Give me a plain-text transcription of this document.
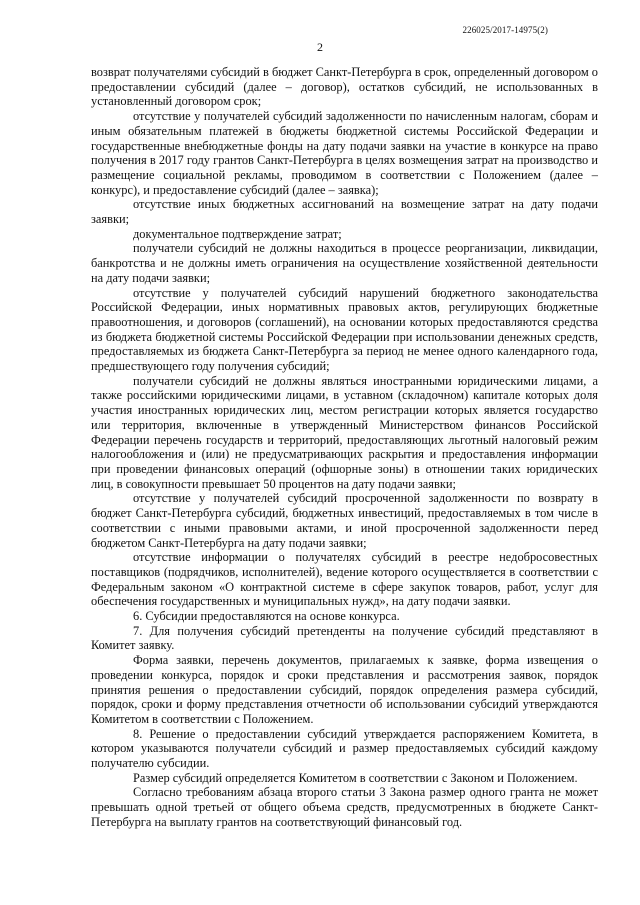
226025/2017-14975(2)
2

возврат получателями субсидий в бюджет Санкт-Петербурга в срок, определенный договором о предоставлении субсидий (далее – договор), остатков субсидий, не использованных в установленный договором срок;

отсутствие у получателей субсидий задолженности по начисленным налогам, сборам и иным обязательным платежей в бюджеты бюджетной системы Российской Федерации и государственные внебюджетные фонды на дату подачи заявки на участие в конкурсе на право получения в 2017 году грантов Санкт-Петербурга в целях возмещения затрат на производство и размещение социальной рекламы, проводимом в соответствии с Положением (далее – конкурс), и предоставление субсидий (далее – заявка);

отсутствие иных бюджетных ассигнований на возмещение затрат на дату подачи заявки;

документальное подтверждение затрат;

получатели субсидий не должны находиться в процессе реорганизации, ликвидации, банкротства и не должны иметь ограничения на осуществление хозяйственной деятельности на дату подачи заявки;

отсутствие у получателей субсидий нарушений бюджетного законодательства Российской Федерации, иных нормативных правовых актов, регулирующих бюджетные правоотношения, и договоров (соглашений), на основании которых предоставляются средства из бюджета бюджетной системы Российской Федерации при использовании денежных средств, предоставляемых из бюджета Санкт-Петербурга за период не менее одного календарного года, предшествующего году получения субсидий;

получатели субсидий не должны являться иностранными юридическими лицами, а также российскими юридическими лицами, в уставном (складочном) капитале которых доля участия иностранных юридических лиц, местом регистрации которых является государство или территория, включенные в утвержденный Министерством финансов Российской Федерации перечень государств и территорий, предоставляющих льготный налоговый режим налогообложения и (или) не предусматривающих раскрытия и предоставления информации при проведении финансовых операций (офшорные зоны) в отношении таких юридических лиц, в совокупности превышает 50 процентов на дату подачи заявки;

отсутствие у получателей субсидий просроченной задолженности по возврату в бюджет Санкт-Петербурга субсидий, бюджетных инвестиций, предоставляемых в том числе в соответствии с иными правовыми актами, и иной просроченной задолженности перед бюджетом Санкт-Петербурга на дату подачи заявки;

отсутствие информации о получателях субсидий в реестре недобросовестных поставщиков (подрядчиков, исполнителей), ведение которого осуществляется в соответствии с Федеральным законом «О контрактной системе в сфере закупок товаров, работ, услуг для обеспечения государственных и муниципальных нужд», на дату подачи заявки.

6. Субсидии предоставляются на основе конкурса.

7. Для получения субсидий претенденты на получение субсидий представляют в Комитет заявку.

Форма заявки, перечень документов, прилагаемых к заявке, форма извещения о проведении конкурса, порядок и сроки представления и рассмотрения заявок, порядок принятия решения о предоставлении субсидий, порядок определения размера субсидий, порядок, сроки и форму представления отчетности об использовании субсидий утверждаются Комитетом в соответствии с Положением.

8. Решение о предоставлении субсидий утверждается распоряжением Комитета, в котором указываются получатели субсидий и размер предоставляемых субсидий каждому получателю субсидии.

Размер субсидий определяется Комитетом в соответствии с Законом и Положением.

Согласно требованиям абзаца второго статьи 3 Закона размер одного гранта не может превышать одной третьей от общего объема средств, предусмотренных в бюджете Санкт-Петербурга на выплату грантов на соответствующий финансовый год.
